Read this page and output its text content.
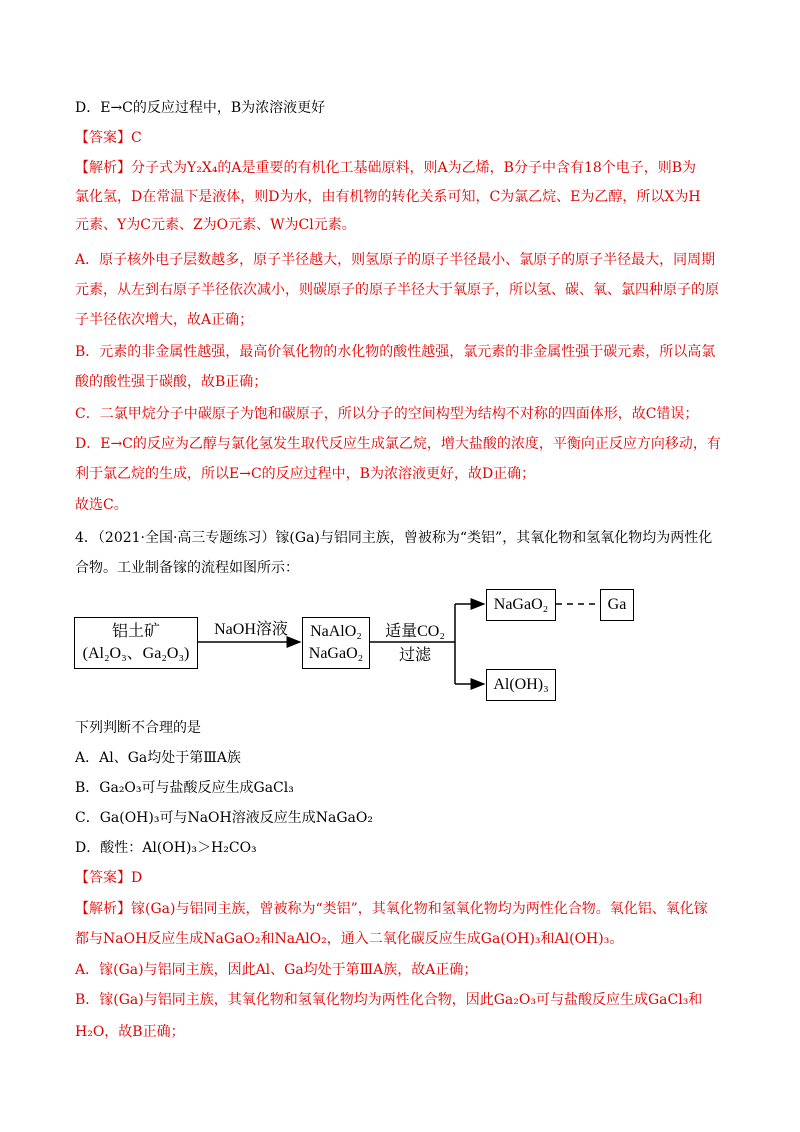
D．E→C的反应过程中，B为浓溶液更好
【答案】C
【解析】分子式为Y₂X₄的A是重要的有机化工基础原料，则A为乙烯，B分子中含有18个电子，则B为
氯化氢，D在常温下是液体，则D为水，由有机物的转化关系可知，C为氯乙烷、E为乙醇，所以X为H
元素、Y为C元素、Z为O元素、W为Cl元素。
A．原子核外电子层数越多，原子半径越大，则氢原子的原子半径最小、氯原子的原子半径最大，同周期
元素，从左到右原子半径依次减小，则碳原子的原子半径大于氧原子，所以氢、碳、氧、氯四种原子的原
子半径依次增大，故A正确；
B．元素的非金属性越强，最高价氧化物的水化物的酸性越强，氯元素的非金属性强于碳元素，所以高氯
酸的酸性强于碳酸，故B正确；
C．二氯甲烷分子中碳原子为饱和碳原子，所以分子的空间构型为结构不对称的四面体形，故C错误；
D．E→C的反应为乙醇与氯化氢发生取代反应生成氯乙烷，增大盐酸的浓度，平衡向正反应方向移动，有
利于氯乙烷的生成，所以E→C的反应过程中，B为浓溶液更好，故D正确；
故选C。
4．（2021·全国·高三专题练习）镓(Ga)与铝同主族，曾被称为“类铝”，其氧化物和氢氧化物均为两性化
合物。工业制备镓的流程如图所示：
铝土矿
(Al₂O₃、Ga₂O₃)
NaOH溶液	NaAlO₂
NaGaO₂
适量CO₂
过滤
NaGaO₂	Ga
Al(OH)₃
下列判断不合理的是
A．Al、Ga均处于第ⅢA族
B．Ga₂O₃可与盐酸反应生成GaCl₃
C．Ga(OH)₃可与NaOH溶液反应生成NaGaO₂
D．酸性：Al(OH)₃＞H₂CO₃
【答案】D
【解析】镓(Ga)与铝同主族，曾被称为“类铝”，其氧化物和氢氧化物均为两性化合物。氧化铝、氧化镓
都与NaOH反应生成NaGaO₂和NaAlO₂，通入二氧化碳反应生成Ga(OH)₃和Al(OH)₃。
A．镓(Ga)与铝同主族，因此Al、Ga均处于第ⅢA族，故A正确；
B．镓(Ga)与铝同主族，其氧化物和氢氧化物均为两性化合物，因此Ga₂O₃可与盐酸反应生成GaCl₃和
H₂O，故B正确；
